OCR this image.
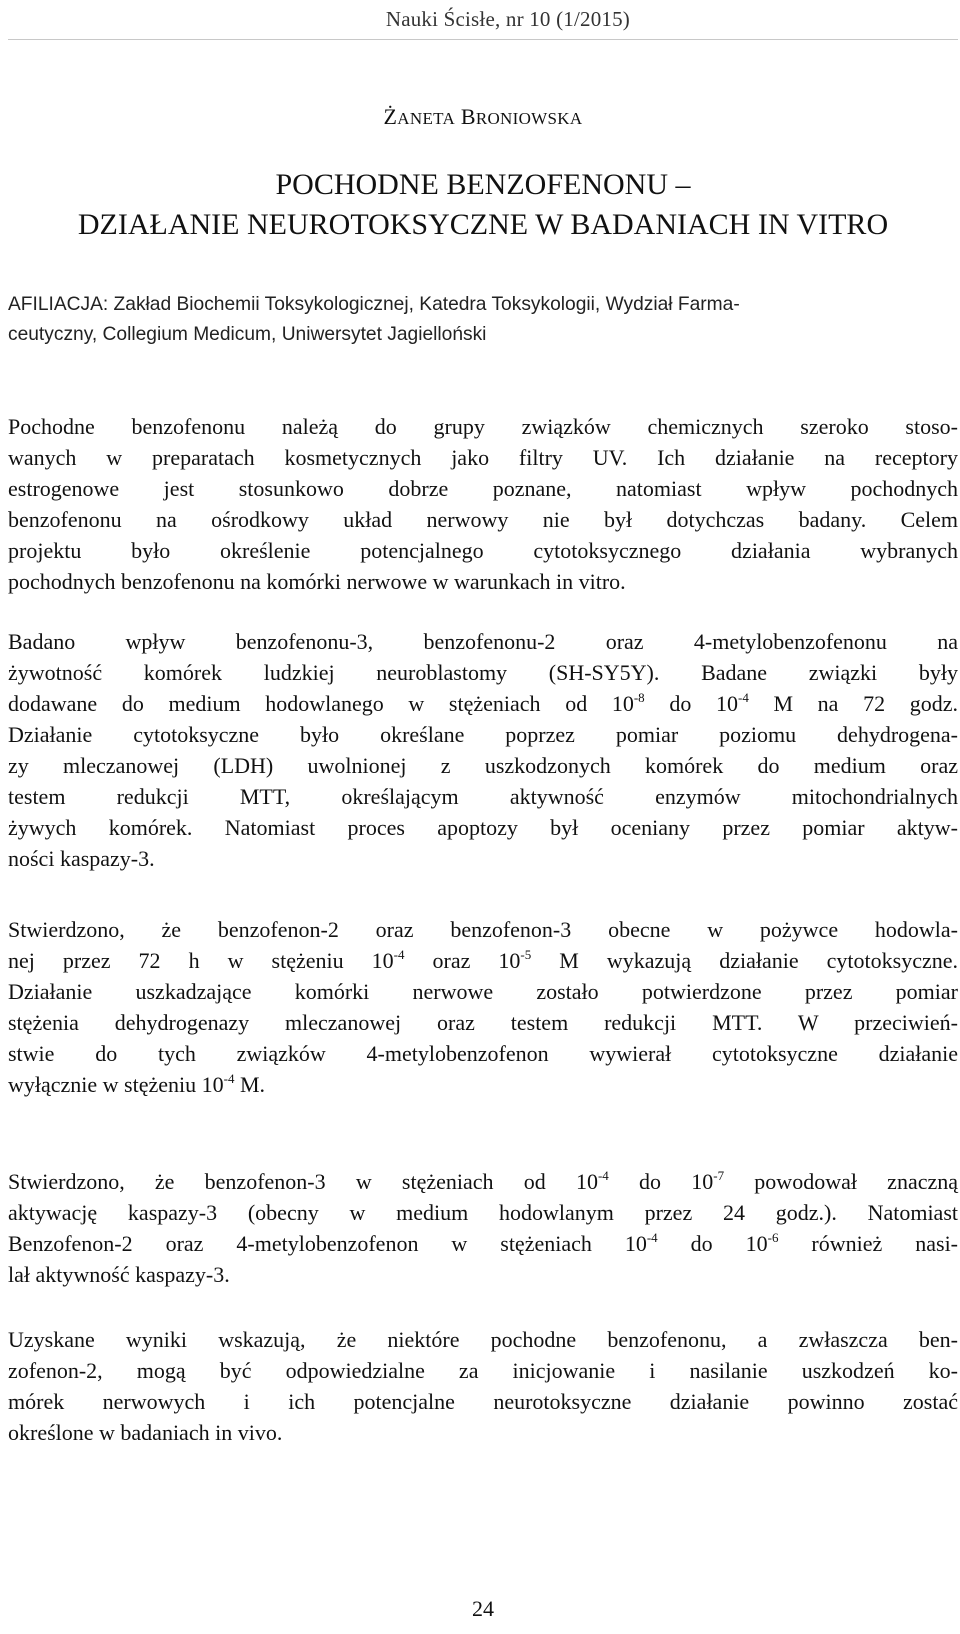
Nauki Ścisłe, nr 10 (1/2015)
ŻANETA BRONIOWSKA
POCHODNE BENZOFENONU –
DZIAŁANIE NEUROTOKSYCZNE W BADANIACH IN VITRO
AFILIACJA: Zakład Biochemii Toksykologicznej, Katedra Toksykologii, Wydział Farma-
ceutyczny, Collegium Medicum, Uniwersytet Jagielloński
Pochodne benzofenonu należą do grupy związków chemicznych szeroko stoso-
wanych w preparatach kosmetycznych jako filtry UV. Ich działanie na receptory
estrogenowe jest stosunkowo dobrze poznane, natomiast wpływ pochodnych
benzofenonu na ośrodkowy układ nerwowy nie był dotychczas badany. Celem
projektu było określenie potencjalnego cytotoksycznego działania wybranych
pochodnych benzofenonu na komórki nerwowe w warunkach in vitro.
Badano wpływ benzofenonu-3, benzofenonu-2 oraz 4-metylobenzofenonu na
żywotność komórek ludzkiej neuroblastomy (SH-SY5Y). Badane związki były
dodawane do medium hodowlanego w stężeniach od $10^{-8}$ do $10^{-4}$ M na 72 godz.
Działanie cytotoksyczne było określane poprzez pomiar poziomu dehydrogena-
zy mleczanowej (LDH) uwolnionej z uszkodzonych komórek do medium oraz
testem redukcji MTT, określającym aktywność enzymów mitochondrialnych
żywych komórek. Natomiast proces apoptozy był oceniany przez pomiar aktyw-
ności kaspazy-3.
Stwierdzono, że benzofenon-2 oraz benzofenon-3 obecne w pożywce hodowla-
nej przez 72 h w stężeniu $10^{-4}$ oraz $10^{-5}$ M wykazują działanie cytotoksyczne.
Działanie uszkadzające komórki nerwowe zostało potwierdzone przez pomiar
stężenia dehydrogenazy mleczanowej oraz testem redukcji MTT. W przeciwień-
stwie do tych związków 4-metylobenzofenon wywierał cytotoksyczne działanie
wyłącznie w stężeniu $10^{-4}$ M.
Stwierdzono, że benzofenon-3 w stężeniach od $10^{-4}$ do $10^{-7}$ powodował znaczną
aktywację kaspazy-3 (obecny w medium hodowlanym przez 24 godz.). Natomiast
Benzofenon-2 oraz 4-metylobenzofenon w stężeniach $10^{-4}$ do $10^{-6}$ również nasi-
lał aktywność kaspazy-3.
Uzyskane wyniki wskazują, że niektóre pochodne benzofenonu, a zwłaszcza ben-
zofenon-2, mogą być odpowiedzialne za inicjowanie i nasilanie uszkodzeń ko-
mórek nerwowych i ich potencjalne neurotoksyczne działanie powinno zostać
określone w badaniach in vivo.
24
